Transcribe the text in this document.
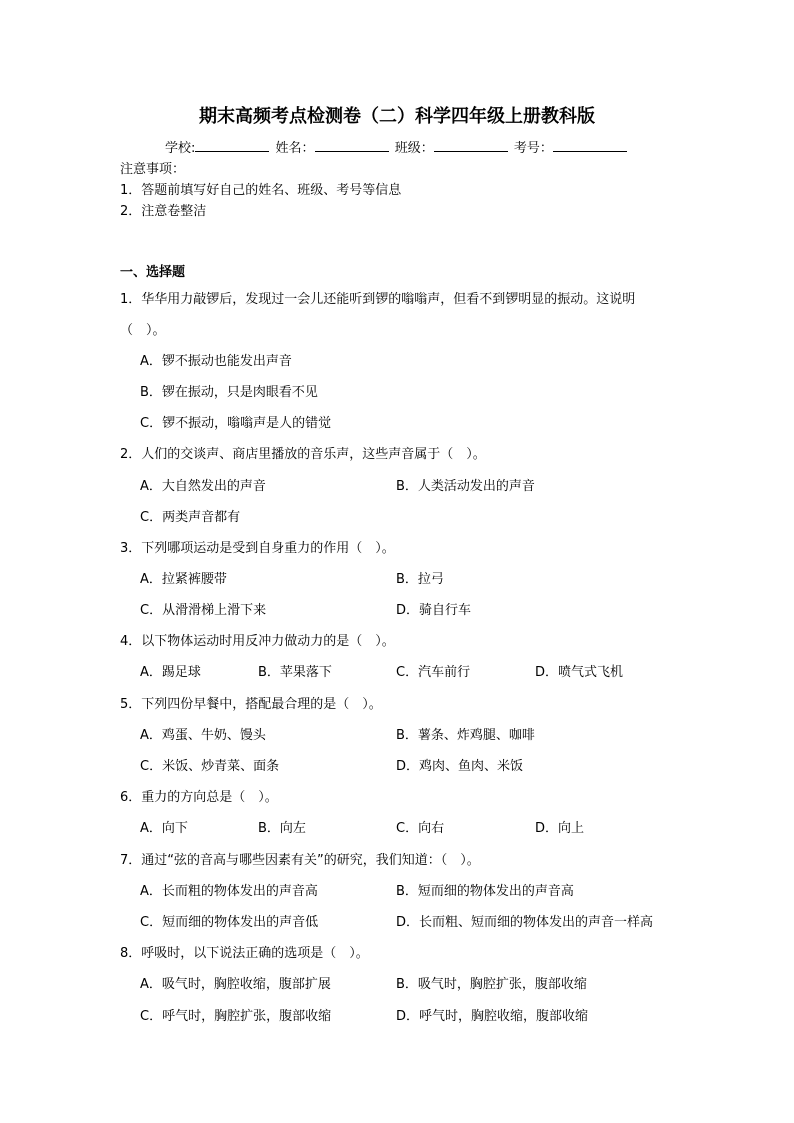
期末高频考点检测卷（二）科学四年级上册教科版
学校:	姓名：	班级：	考号：
注意事项：
1．答题前填写好自己的姓名、班级、考号等信息
2．注意卷整洁
一、选择题
1．华华用力敲锣后，发现过一会儿还能听到锣的嗡嗡声，但看不到锣明显的振动。这说明
（　）。
A．锣不振动也能发出声音
B．锣在振动，只是肉眼看不见
C．锣不振动，嗡嗡声是人的错觉
2．人们的交谈声、商店里播放的音乐声，这些声音属于（　）。
A．大自然发出的声音	B．人类活动发出的声音
C．两类声音都有
3．下列哪项运动是受到自身重力的作用（　）。
A．拉紧裤腰带	B．拉弓
C．从滑滑梯上滑下来	D．骑自行车
4．以下物体运动时用反冲力做动力的是（　）。
A．踢足球	B．苹果落下	C．汽车前行	D．喷气式飞机
5．下列四份早餐中，搭配最合理的是（　）。
A．鸡蛋、牛奶、馒头	B．薯条、炸鸡腿、咖啡
C．米饭、炒青菜、面条	D．鸡肉、鱼肉、米饭
6．重力的方向总是（　）。
A．向下	B．向左	C．向右	D．向上
7．通过“弦的音高与哪些因素有关”的研究，我们知道：（　）。
A．长而粗的物体发出的声音高	B．短而细的物体发出的声音高
C．短而细的物体发出的声音低	D．长而粗、短而细的物体发出的声音一样高
8．呼吸时，以下说法正确的选项是（　）。
A．吸气时，胸腔收缩，腹部扩展	B．吸气时，胸腔扩张，腹部收缩
C．呼气时，胸腔扩张，腹部收缩	D．呼气时，胸腔收缩，腹部收缩
